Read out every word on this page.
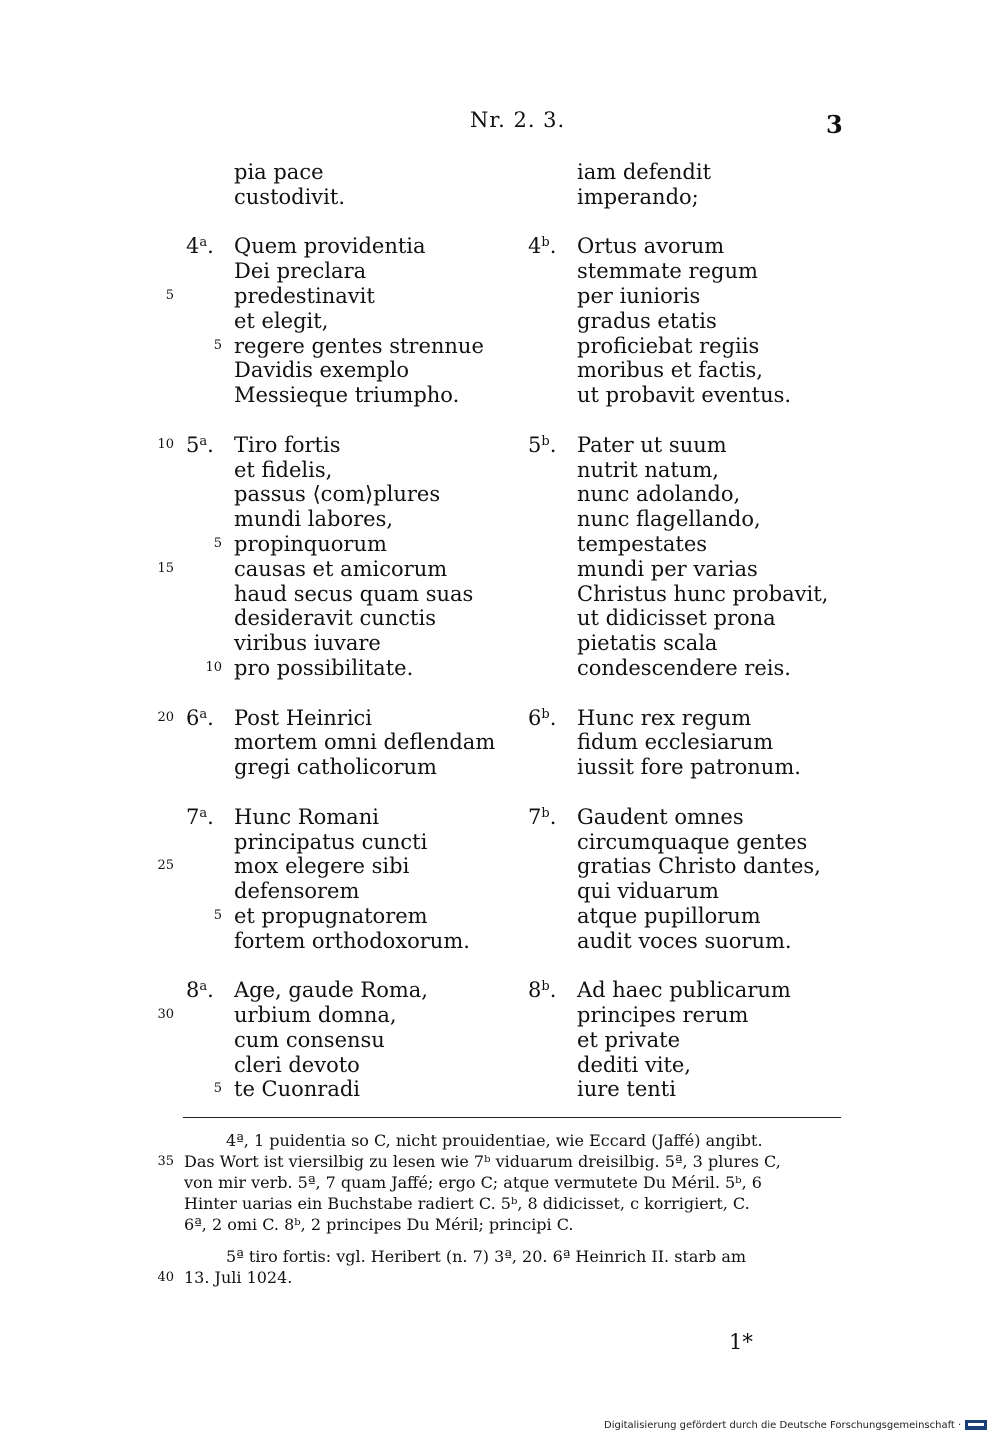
Nr. 2. 3.	3
pia pace	iam defendit
custodivit.	imperando;
4$^a$. Quem providentia	4$^b$. Ortus avorum
Dei preclara	stemmate regum
5	predestinavit	per iunioris
et elegit,	gradus etatis
5 regere gentes strennue	proficiebat regiis
Davidis exemplo	moribus et factis,
Messieque triumpho.	ut probavit eventus.
10 5$^a$. Tiro fortis	5$^b$. Pater ut suum
et fidelis,	nutrit natum,
passus ⟨com⟩plures	nunc adolando,
mundi labores,	nunc flagellando,
5 propinquorum	tempestates
15	causas et amicorum	mundi per varias
haud secus quam suas	Christus hunc probavit,
desideravit cunctis	ut didicisset prona
viribus iuvare	pietatis scala
10 pro possibilitate.	condescendere reis.
20 6$^a$. Post Heinrici	6$^b$. Hunc rex regum
mortem omni deflendam	fidum ecclesiarum
gregi catholicorum	iussit fore patronum.
7$^a$. Hunc Romani	7$^b$. Gaudent omnes
principatus cuncti	circumquaque gentes
25	mox elegere sibi	gratias Christo dantes,
defensorem	qui viduarum
5 et propugnatorem	atque pupillorum
fortem orthodoxorum.	audit voces suorum.
8$^a$. Age, gaude Roma,	8$^b$. Ad haec publicarum
30	urbium domna,	principes rerum
cum consensu	et private
cleri devoto	dediti vite,
5 te Cuonradi	iure tenti
4ª, 1 puidentia so C, nicht prouidentiae, wie Eccard (Jaffé) angibt.
35 Das Wort ist viersilbig zu lesen wie 7ᵇ viduarum dreisilbig. 5ª, 3 plures C,
von mir verb. 5ª, 7 quam Jaffé; ergo C; atque vermutete Du Méril. 5ᵇ, 6
Hinter uarias ein Buchstabe radiert C. 5ᵇ, 8 didicisset, c korrigiert, C.
6ª, 2 omi C. 8ᵇ, 2 principes Du Méril; principi C.
5ª tiro fortis: vgl. Heribert (n. 7) 3ª, 20. 6ª Heinrich II. starb am
40 13. Juli 1024.
1*
Digitalisierung gefördert durch die Deutsche Forschungsgemeinschaft ·
